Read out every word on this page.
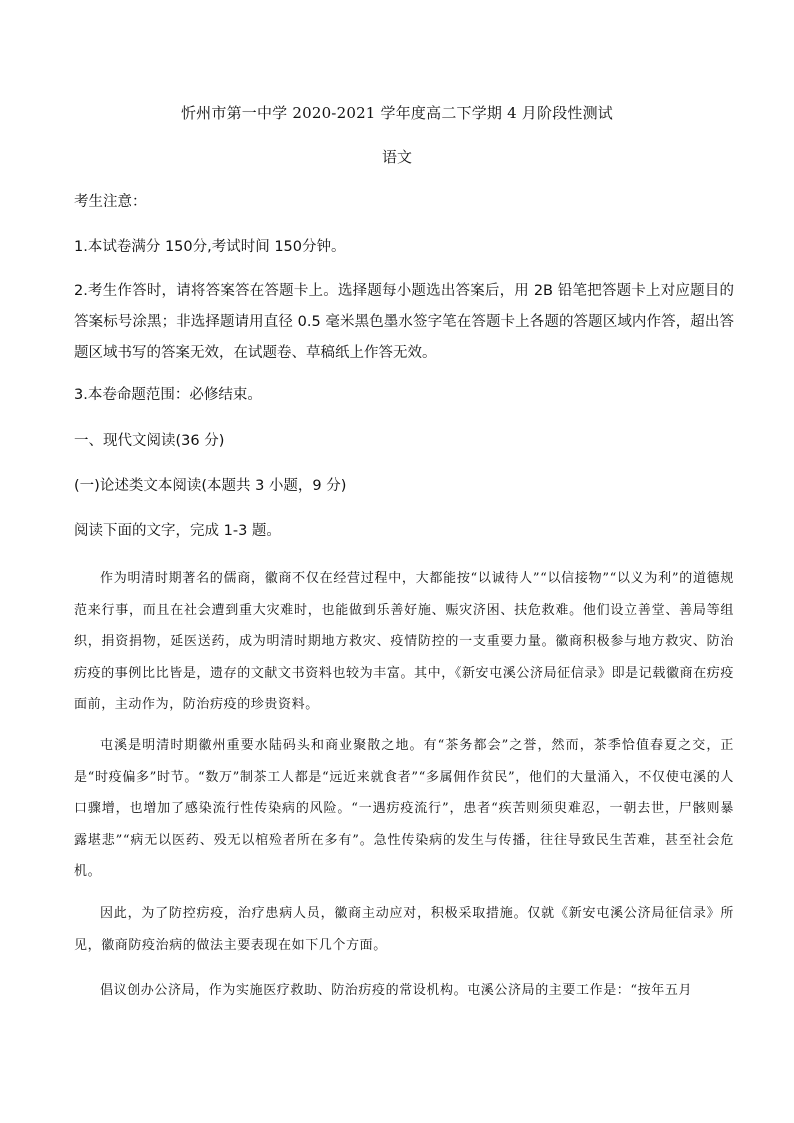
忻州市第一中学 2020-2021 学年度高二下学期 4 月阶段性测试
语文
考生注意：
1.本试卷满分 150分,考试时间 150分钟。
2.考生作答时，请将答案答在答题卡上。选择题每小题选出答案后，用 2B 铅笔把答题卡上对应题目的答案标号涂黑；非选择题请用直径 0.5 毫米黑色墨水签字笔在答题卡上各题的答题区域内作答，超出答题区域书写的答案无效，在试题卷、草稿纸上作答无效。
3.本卷命题范围：必修结束。
一、现代文阅读(36 分)
(一)论述类文本阅读(本题共 3 小题，9 分)
阅读下面的文字，完成 1-3 题。
作为明清时期著名的儒商，徽商不仅在经营过程中，大都能按“以诚待人”“以信接物”“以义为利”的道德规范来行事，而且在社会遭到重大灾难时，也能做到乐善好施、赈灾济困、扶危救难。他们设立善堂、善局等组织，捐资捐物，延医送药，成为明清时期地方救灾、疫情防控的一支重要力量。徽商积极参与地方救灾、防治疠疫的事例比比皆是，遗存的文献文书资料也较为丰富。其中，《新安屯溪公济局征信录》即是记载徽商在疠疫面前，主动作为，防治疠疫的珍贵资料。
屯溪是明清时期徽州重要水陆码头和商业聚散之地。有“茶务都会”之誉，然而，茶季恰值春夏之交，正是“时疫偏多”时节。“数万”制茶工人都是“远近来就食者”“多属佣作贫民”，他们的大量涌入，不仅使屯溪的人口骤增，也增加了感染流行性传染病的风险。“一遇疠疫流行”，患者“疾苦则须臾难忍，一朝去世，尸骸则暴露堪悲”“病无以医药、殁无以棺殓者所在多有”。急性传染病的发生与传播，往往导致民生苦难，甚至社会危机。
因此，为了防控疠疫，治疗患病人员，徽商主动应对，积极采取措施。仅就《新安屯溪公济局征信录》所见，徽商防疫治病的做法主要表现在如下几个方面。
倡议创办公济局，作为实施医疗救助、防治疠疫的常设机构。屯溪公济局的主要工作是：“按年五月
